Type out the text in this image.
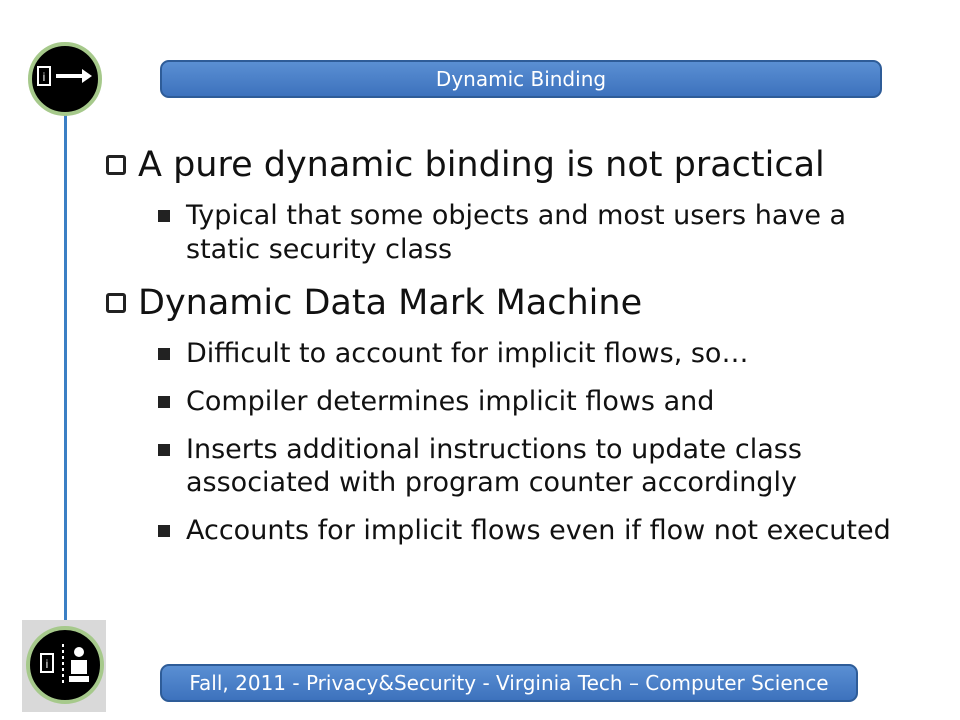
i
i
Dynamic Binding
A pure dynamic binding is not practical
Typical that some objects and most users have a static security class
Dynamic Data Mark Machine
Difficult to account for implicit flows, so…
Compiler determines implicit flows and
Inserts additional instructions to update class associated with program counter accordingly
Accounts for implicit flows even if flow not executed
Fall, 2011 - Privacy&Security - Virginia Tech – Computer Science
